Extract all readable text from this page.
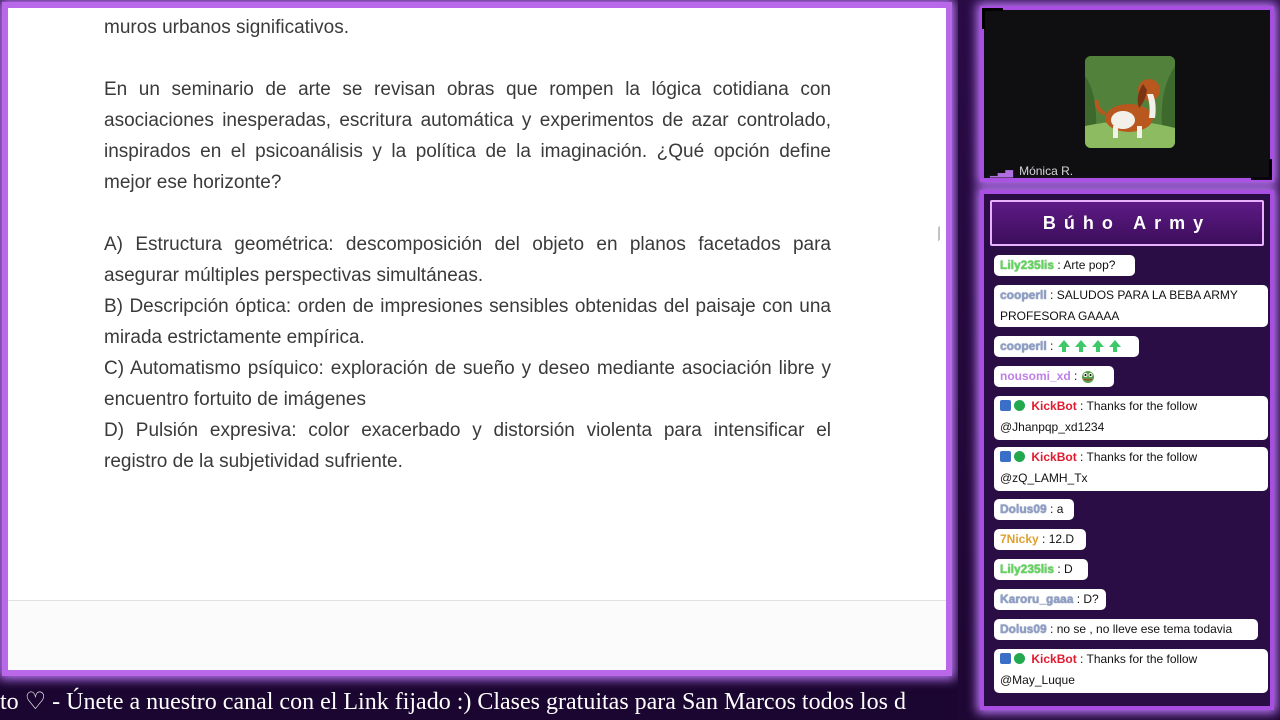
muros urbanos significativos.

En un seminario de arte se revisan obras que rompen la lógica cotidiana con asociaciones inesperadas, escritura automática y experimentos de azar controlado, inspirados en el psicoanálisis y la política de la imaginación. ¿Qué opción define mejor ese horizonte?

A) Estructura geométrica: descomposición del objeto en planos facetados para asegurar múltiples perspectivas simultáneas.

B) Descripción óptica: orden de impresiones sensibles obtenidas del paisaje con una mirada estrictamente empírica.

C) Automatismo psíquico: exploración de sueño y deseo mediante asociación libre y encuentro fortuito de imágenes

D) Pulsión expresiva: color exacerbado y distorsión violenta para intensificar el registro de la subjetividad sufriente.

to ♡ - Únete a nuestro canal con el Link fijado :) Clases gratuitas para San Marcos todos los d
▁▃▅ Mónica R.
Búho Army
Lily235lis : Arte pop?
cooperll : SALUDOS PARA LA BEBA ARMY
PROFESORA GAAAA
cooperll :
nousomi_xd :
KickBot : Thanks for the follow
@Jhanpqp_xd1234
KickBot : Thanks for the follow
@zQ_LAMH_Tx
Dolus09 : a
7Nicky : 12.D
Lily235lis : D
Karoru_gaaa : D?
Dolus09 : no se , no lleve ese tema todavia
KickBot : Thanks for the follow
@May_Luque
